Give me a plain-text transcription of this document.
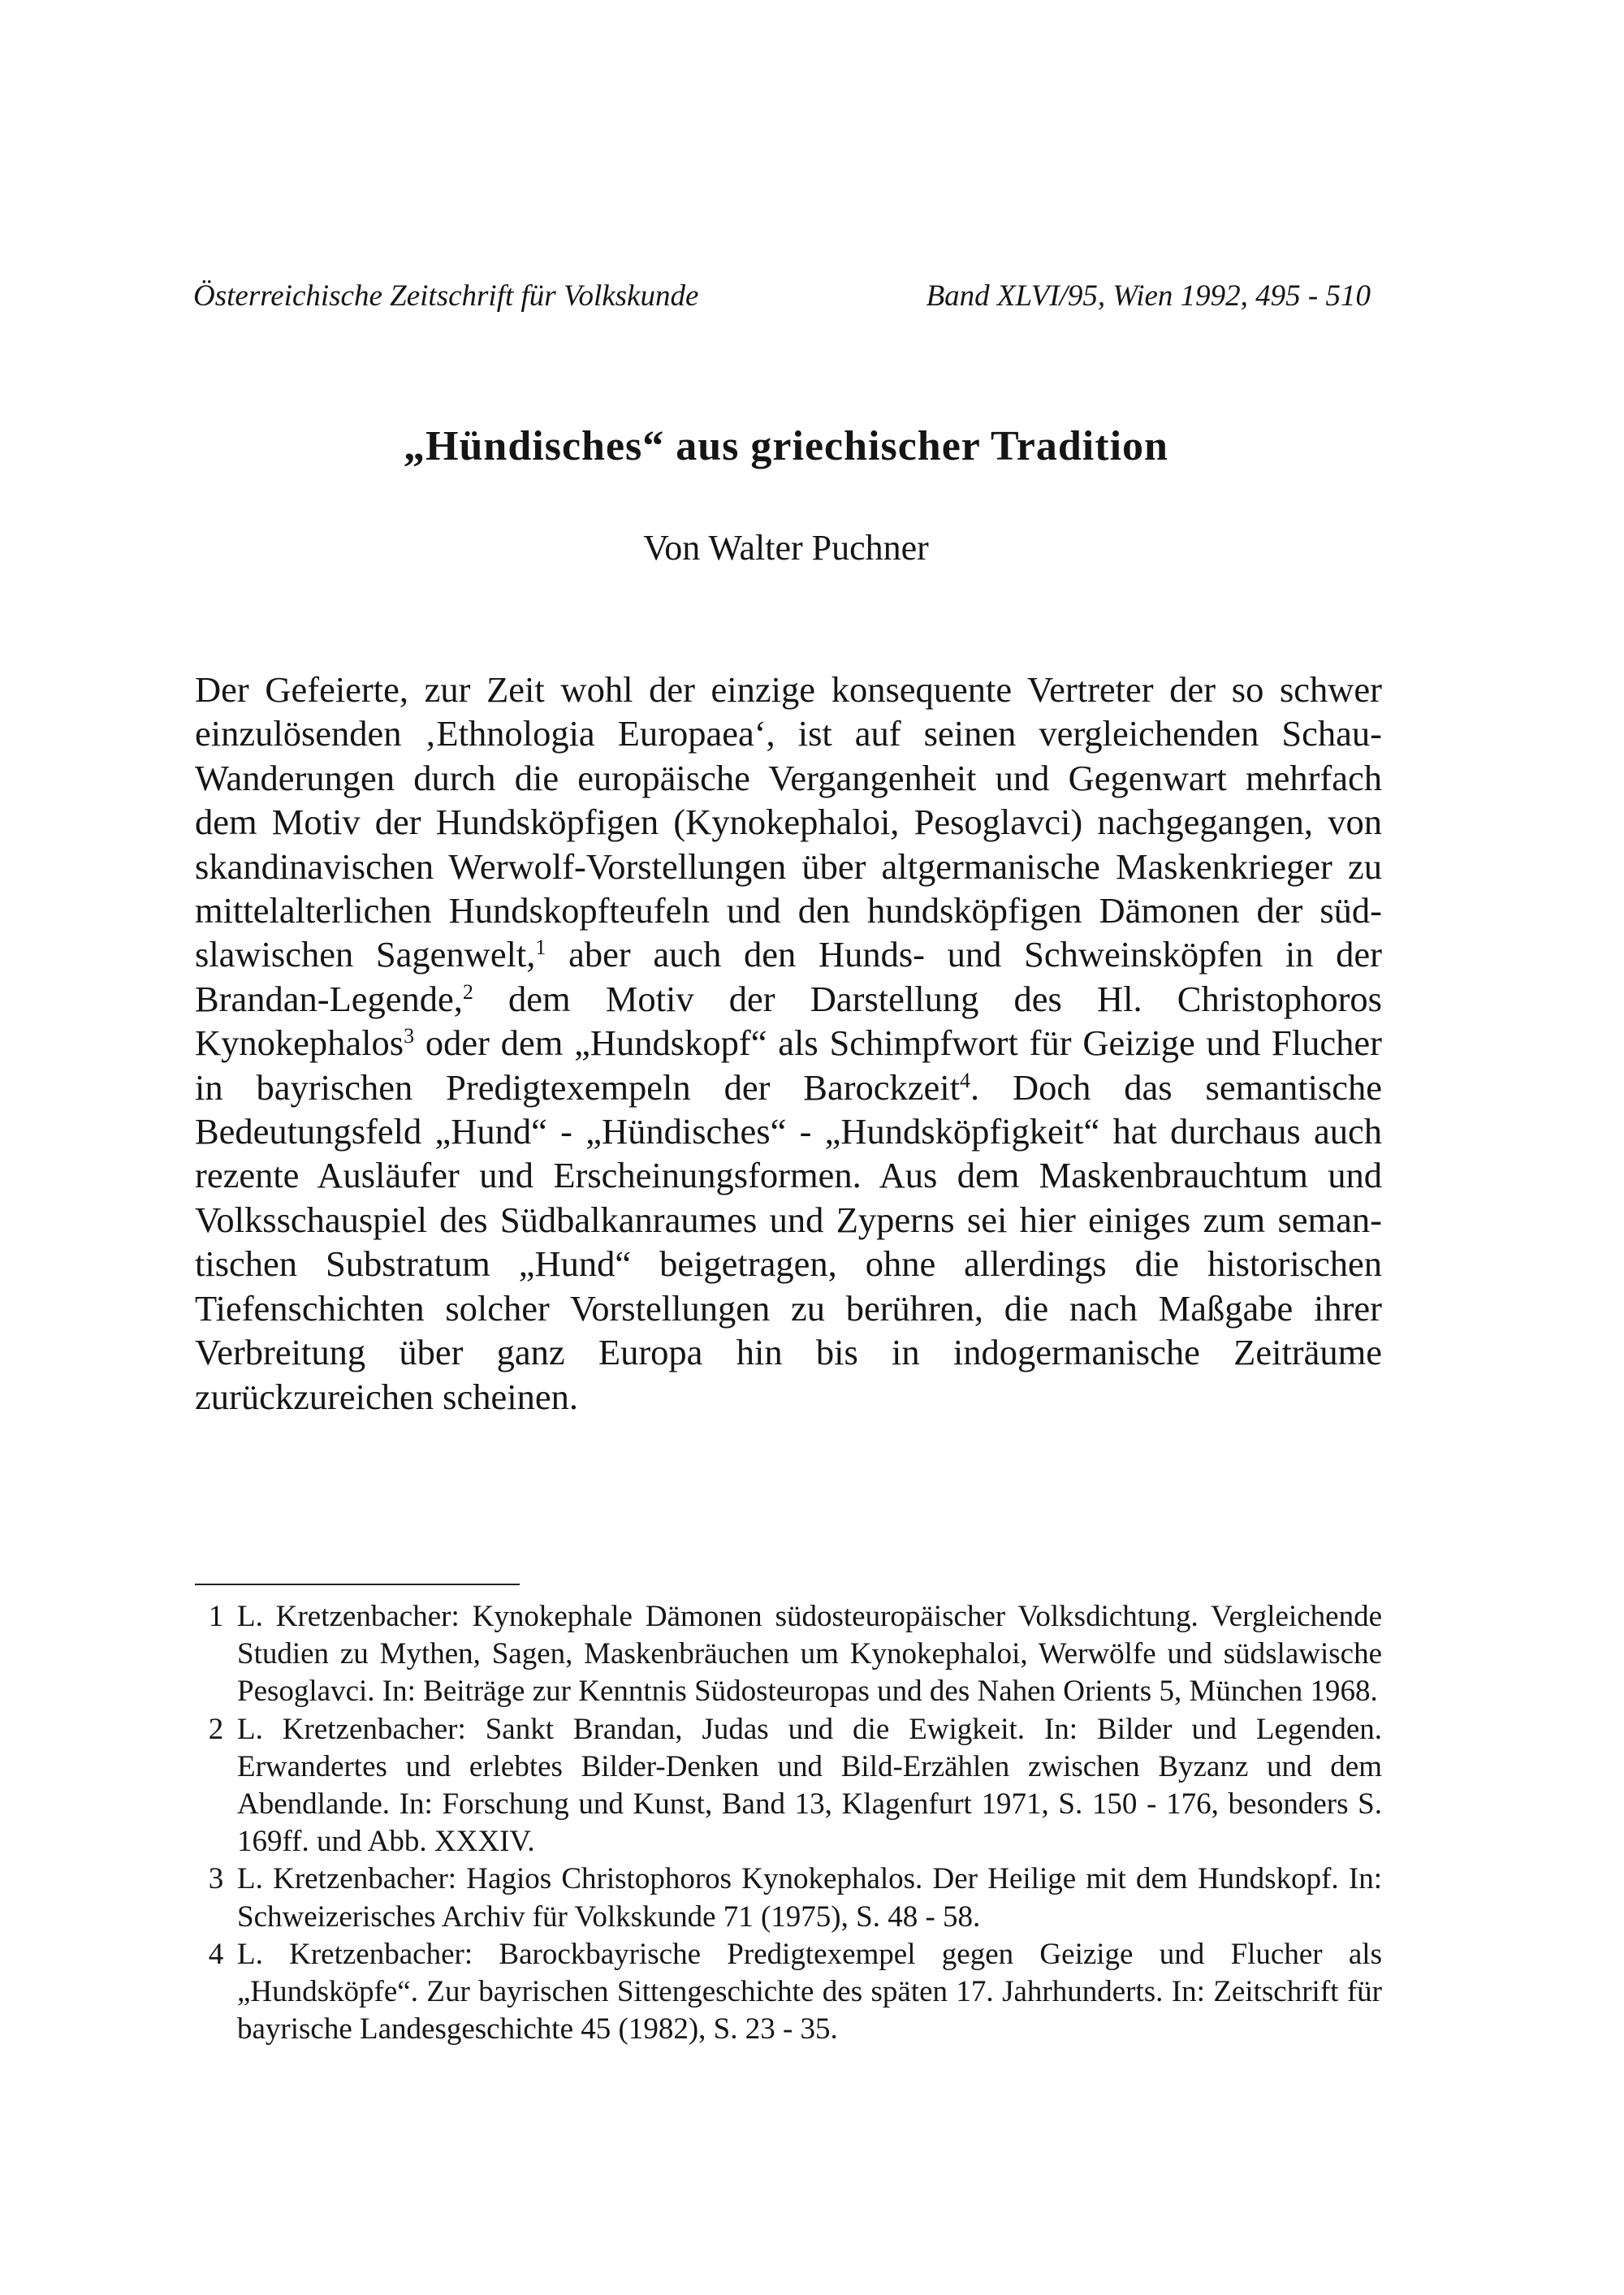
Österreichische Zeitschrift für Volkskunde	Band XLVI/95, Wien 1992, 495 - 510
„Hündisches“ aus griechischer Tradition
Von Walter Puchner

Der Gefeierte, zur Zeit wohl der einzige konsequente Vertreter der so schwer einzulösenden ‚Ethnologia Europaea‘, ist auf seinen vergleichenden Schau-Wanderungen durch die europäische Vergangenheit und Gegenwart mehrfach dem Motiv der Hundsköpfigen (Kynokephaloi, Pesoglavci) nachgegangen, von skandinavischen Werwolf-Vorstellungen über altgermanische Maskenkrieger zu mittelalterlichen Hundskopfteufeln und den hundsköpfigen Dämonen der südslawischen Sagenwelt,$^1$ aber auch den Hunds- und Schweinsköpfen in der Brandan-Legende,$^2$ dem Motiv der Darstellung des Hl. Christophoros Kynokephalos$^3$ oder dem „Hundskopf“ als Schimpfwort für Geizige und Flucher in bayrischen Predigtexempeln der Barockzeit$^4$. Doch das semantische Bedeutungsfeld „Hund“ - „Hündisches“ - „Hundsköpfigkeit“ hat durchaus auch rezente Ausläufer und Erscheinungsformen. Aus dem Maskenbrauchtum und Volksschauspiel des Südbalkanraumes und Zyperns sei hier einiges zum semantischen Substratum „Hund“ beigetragen, ohne allerdings die historischen Tiefenschichten solcher Vorstellungen zu berühren, die nach Maßgabe ihrer Verbreitung über ganz Europa hin bis in indogermanische Zeiträume zurückzureichen scheinen.

1 L. Kretzenbacher: Kynokephale Dämonen südosteuropäischer Volksdichtung. Vergleichende Studien zu Mythen, Sagen, Maskenbräuchen um Kynokephaloi, Werwölfe und südslawische Pesoglavci. In: Beiträge zur Kenntnis Südosteuropas und des Nahen Orients 5, München 1968.
2 L. Kretzenbacher: Sankt Brandan, Judas und die Ewigkeit. In: Bilder und Legenden. Erwandertes und erlebtes Bilder-Denken und Bild-Erzählen zwischen Byzanz und dem Abendlande. In: Forschung und Kunst, Band 13, Klagenfurt 1971, S. 150 - 176, besonders S. 169ff. und Abb. XXXIV.
3 L. Kretzenbacher: Hagios Christophoros Kynokephalos. Der Heilige mit dem Hundskopf. In: Schweizerisches Archiv für Volkskunde 71 (1975), S. 48 - 58.
4 L. Kretzenbacher: Barockbayrische Predigtexempel gegen Geizige und Flucher als „Hundsköpfe“. Zur bayrischen Sittengeschichte des späten 17. Jahrhunderts. In: Zeitschrift für bayrische Landesgeschichte 45 (1982), S. 23 - 35.
